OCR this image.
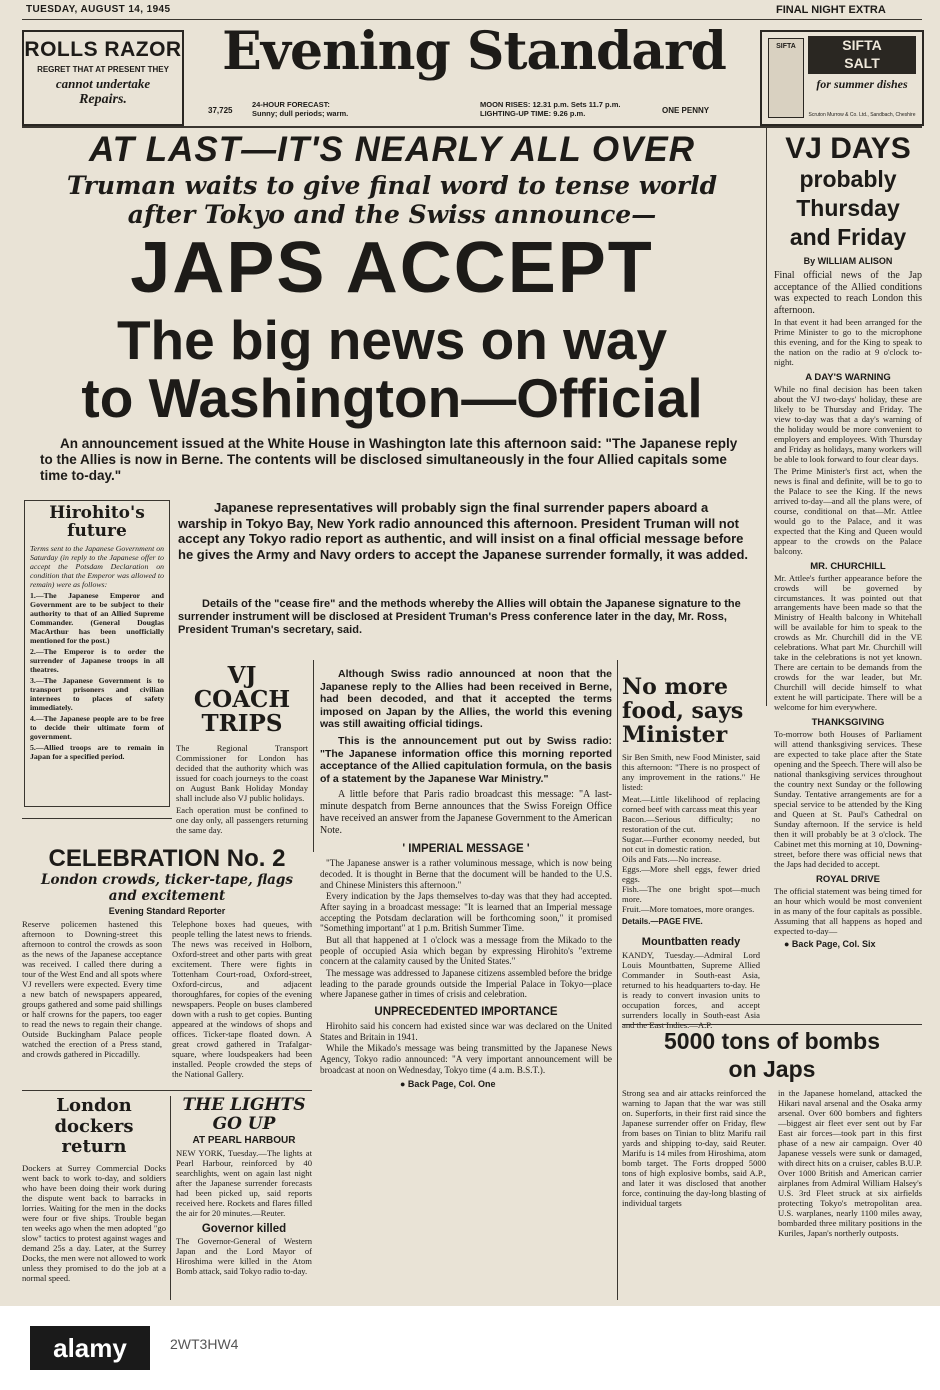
TUESDAY, AUGUST 14, 1945	FINAL NIGHT EXTRA
ROLLS RAZOR
REGRET THAT AT PRESENT THEY
cannot undertake
Repairs.
Evening Standard
37,725
24-HOUR FORECAST:
Sunny; dull periods; warm.
MOON RISES: 12.31 p.m. Sets 11.7 p.m.
LIGHTING-UP TIME: 9.26 p.m.	ONE PENNY
SIFTA	SIFTA
SALT
for summer dishes
Scruton Murrow & Co. Ltd., Sandbach, Cheshire
AT LAST—IT'S NEARLY ALL OVER
Truman waits to give final word to tense world
after Tokyo and the Swiss announce—
JAPS ACCEPT
The big news on way
to Washington—Official
An announcement issued at the White House in Washington late this afternoon said: "The Japanese reply to the Allies is now in Berne. The contents will be disclosed simultaneously in the four Allied capitals some time to-day."
Hirohito's future
Terms sent to the Japanese Government on Saturday (in reply to the Japanese offer to accept the Potsdam Declaration on condition that the Emperor was allowed to remain) were as follows:
1.—The Japanese Emperor and Government are to be subject to their authority to that of an Allied Supreme Commander. (General Douglas MacArthur has been unofficially mentioned for the post.)
2.—The Emperor is to order the surrender of Japanese troops in all theatres.
3.—The Japanese Government is to transport prisoners and civilian internees to places of safety immediately.
4.—The Japanese people are to be free to decide their ultimate form of government.
5.—Allied troops are to remain in Japan for a specified period.
Japanese representatives will probably sign the final surrender papers aboard a warship in Tokyo Bay, New York radio announced this afternoon. President Truman will not accept any Tokyo radio report as authentic, and will insist on a final official message before he gives the Army and Navy orders to accept the Japanese surrender formally, it was added.
Details of the "cease fire" and the methods whereby the Allies will obtain the Japanese signature to the surrender instrument will be disclosed at President Truman's Press conference later in the day, Mr. Ross, President Truman's secretary, said.
VJ COACH TRIPS
The Regional Transport Commissioner for London has decided that the authority which was issued for coach journeys to the coast on August Bank Holiday Monday shall include also VJ public holidays.
Each operation must be confined to one day only, all passengers returning the same day.
Although Swiss radio announced at noon that the Japanese reply to the Allies had been received in Berne, had been decoded, and that it accepted the terms imposed on Japan by the Allies, the world this evening was still awaiting official tidings.
This is the announcement put out by Swiss radio: "The Japanese information office this morning reported acceptance of the Allied capitulation formula, on the basis of a statement by the Japanese War Ministry."
A little before that Paris radio broadcast this message: "A last-minute despatch from Berne announces that the Swiss Foreign Office have received an answer from the Japanese Government to the American Note.
' IMPERIAL MESSAGE '

"The Japanese answer is a rather voluminous message, which is now being decoded. It is thought in Berne that the document will be handed to the U.S. and Chinese Ministers this afternoon."

Every indication by the Japs themselves to-day was that they had accepted. After saying in a broadcast message: "It is learned that an Imperial message accepting the Potsdam declaration will be forthcoming soon," it promised "Something important" at 1 p.m. British Summer Time.

But all that happened at 1 o'clock was a message from the Mikado to the people of occupied Asia which began by expressing Hirohito's "extreme concern at the calamity caused by the United States."

The message was addressed to Japanese citizens assembled before the bridge leading to the parade grounds outside the Imperial Palace in Tokyo—place where Japanese gather in times of crisis and celebration.

UNPRECEDENTED IMPORTANCE

Hirohito said his concern had existed since war was declared on the United States and Britain in 1941.

While the Mikado's message was being transmitted by the Japanese News Agency, Tokyo radio announced: "A very important announcement will be broadcast at noon on Wednesday, Tokyo time (4 a.m. B.S.T.).

● Back Page, Col. One
No more food, says Minister
Sir Ben Smith, new Food Minister, said this afternoon: "There is no prospect of any improvement in the rations." He listed:
Meat.—Little likelihood of replacing corned beef with carcass meat this year
Bacon.—Serious difficulty; no restoration of the cut.
Sugar.—Further economy needed, but not cut in domestic ration.
Oils and Fats.—No increase.
Eggs.—More shell eggs, fewer dried eggs.
Fish.—The one bright spot—much more.
Fruit.—More tomatoes, more oranges.
Details.—PAGE FIVE.
Mountbatten ready
KANDY, Tuesday.—Admiral Lord Louis Mountbatten, Supreme Allied Commander in South-east Asia, returned to his headquarters to-day. He is ready to convert invasion units to occupation forces, and accept surrenders locally in South-east Asia
CELEBRATION No. 2
London crowds, ticker-tape, flags and excitement
Evening Standard Reporter
Reserve policemen hastened this afternoon to Downing-street this afternoon to control the crowds as soon as the news of the Japanese acceptance was received. I called there during a tour of the West End and all spots where VJ revellers were expected. Every time a new batch of newspapers appeared, groups gathered and some paid shillings or half crowns for the papers, too eager to read the news to regain their change. Outside Buckingham Palace people watched the erection of a Press stand, and crowds gathered in Piccadilly.
Telephone boxes had queues, with people telling the latest news to friends. The news was received in Holborn, Oxford-street and other parts with great excitement. There were fights in Tottenham Court-road, Oxford-street, Oxford-circus, and adjacent thoroughfares, for copies of the evening newspapers. People on buses clambered down with a rush to get copies. Bunting appeared at the windows of shops and offices. Ticker-tape floated down. A great crowd gathered in Trafalgar-square, where loudspeakers had been installed. People crowded the steps of the National Gallery.
London dockers return
Dockers at Surrey Commercial Docks went back to work to-day, and soldiers who have been doing their work during the dispute went back to barracks in lorries. Waiting for the men in the docks were four or five ships. Trouble began ten weeks ago when the men adopted "go slow" tactics to protest against wages and demand 25s a day. Later, at the Surrey Docks, the men were not allowed to work unless they promised to do the job at a normal speed.
THE LIGHTS GO UP
AT PEARL HARBOUR
NEW YORK, Tuesday.—The lights at Pearl Harbour, reinforced by 40 searchlights, went on again last night after the Japanese surrender forecasts had been picked up, said reports received here. Rockets and flares filled the air for 20 minutes.—Reuter.
Governor killed
The Governor-General of Western Japan and the Lord Mayor of Hiroshima were killed in the Atom Bomb attack, said Tokyo radio to-day.
VJ DAYS
probably
Thursday
and Friday
By WILLIAM ALISON
Final official news of the Jap acceptance of the Allied conditions was expected to reach London this afternoon.
In that event it had been arranged for the Prime Minister to go to the microphone this evening, and for the King to speak to the nation on the radio at 9 o'clock to-night.
A DAY'S WARNING
While no final decision has been taken about the VJ two-days' holiday, these are likely to be Thursday and Friday. The view to-day was that a day's warning of the holiday would be more convenient to employers and employees. With Thursday and Friday as holidays, many workers will be able to look forward to four clear days.
The Prime Minister's first act, when the news is final and definite, will be to go to the Palace to see the King. If the news arrived to-day—and all the plans were, of course, conditional on that—Mr. Attlee would go to the Palace, and it was expected that the King and Queen would appear to the crowds on the Palace balcony.
MR. CHURCHILL
Mr. Attlee's further appearance before the crowds will be governed by circumstances. It was pointed out that arrangements have been made so that the Ministry of Health balcony in Whitehall will be available for him to speak to the crowds as Mr. Churchill did in the VE celebrations. What part Mr. Churchill will take in the celebrations is not yet known. There are certain to be demands from the crowds for the war leader, but Mr. Churchill will decide himself to what extent he will participate. There will be a welcome for him everywhere.
THANKSGIVING
To-morrow both Houses of Parliament will attend thanksgiving services. These are expected to take place after the State opening and the Speech. There will also be national thanksgiving services throughout the country next Sunday or the following Sunday. Tentative arrangements are for a special service to be attended by the King and Queen at St. Paul's Cathedral on Sunday afternoon. If the service is held then it will probably be at 3 o'clock. The Cabinet met this morning at 10, Downing-street, before there was official news that the Japs had decided to accept.
ROYAL DRIVE
The official statement was being timed for an hour which would be most convenient in as many of the four capitals as possible. Assuming that all happens as hoped and expected to-day—
● Back Page, Col. Six
5000 tons of bombs
on Japs
Strong sea and air attacks reinforced the warning to Japan that the war was still on. Superforts, in their first raid since the Japanese surrender offer on Friday, flew from bases on Tinian to blitz Marifu rail yards and shipping to-day, said Reuter. Marifu is 14 miles from Hiroshima, atom bomb target. The Forts dropped 5000 tons of high explosive bombs, said A.P., and later it was disclosed that another force, continuing the day-long blasting of individual targets
in the Japanese homeland, attacked the Hikari naval arsenal and the Osaka army arsenal. Over 600 bombers and fighters—biggest air fleet ever sent out by Far East air forces—took part in this first phase of a new air campaign. Over 40 Japanese vessels were sunk or damaged, with direct hits on a cruiser, cables B.U.P. Over 1000 British and American carrier airplanes from Admiral William Halsey's U.S. 3rd Fleet struck at six airfields protecting Tokyo's metropolitan area. U.S. warplanes, nearly 1100 miles away, bombarded three military positions in the Kuriles, Japan's northerly outposts.
alamy	2WT3HW4
